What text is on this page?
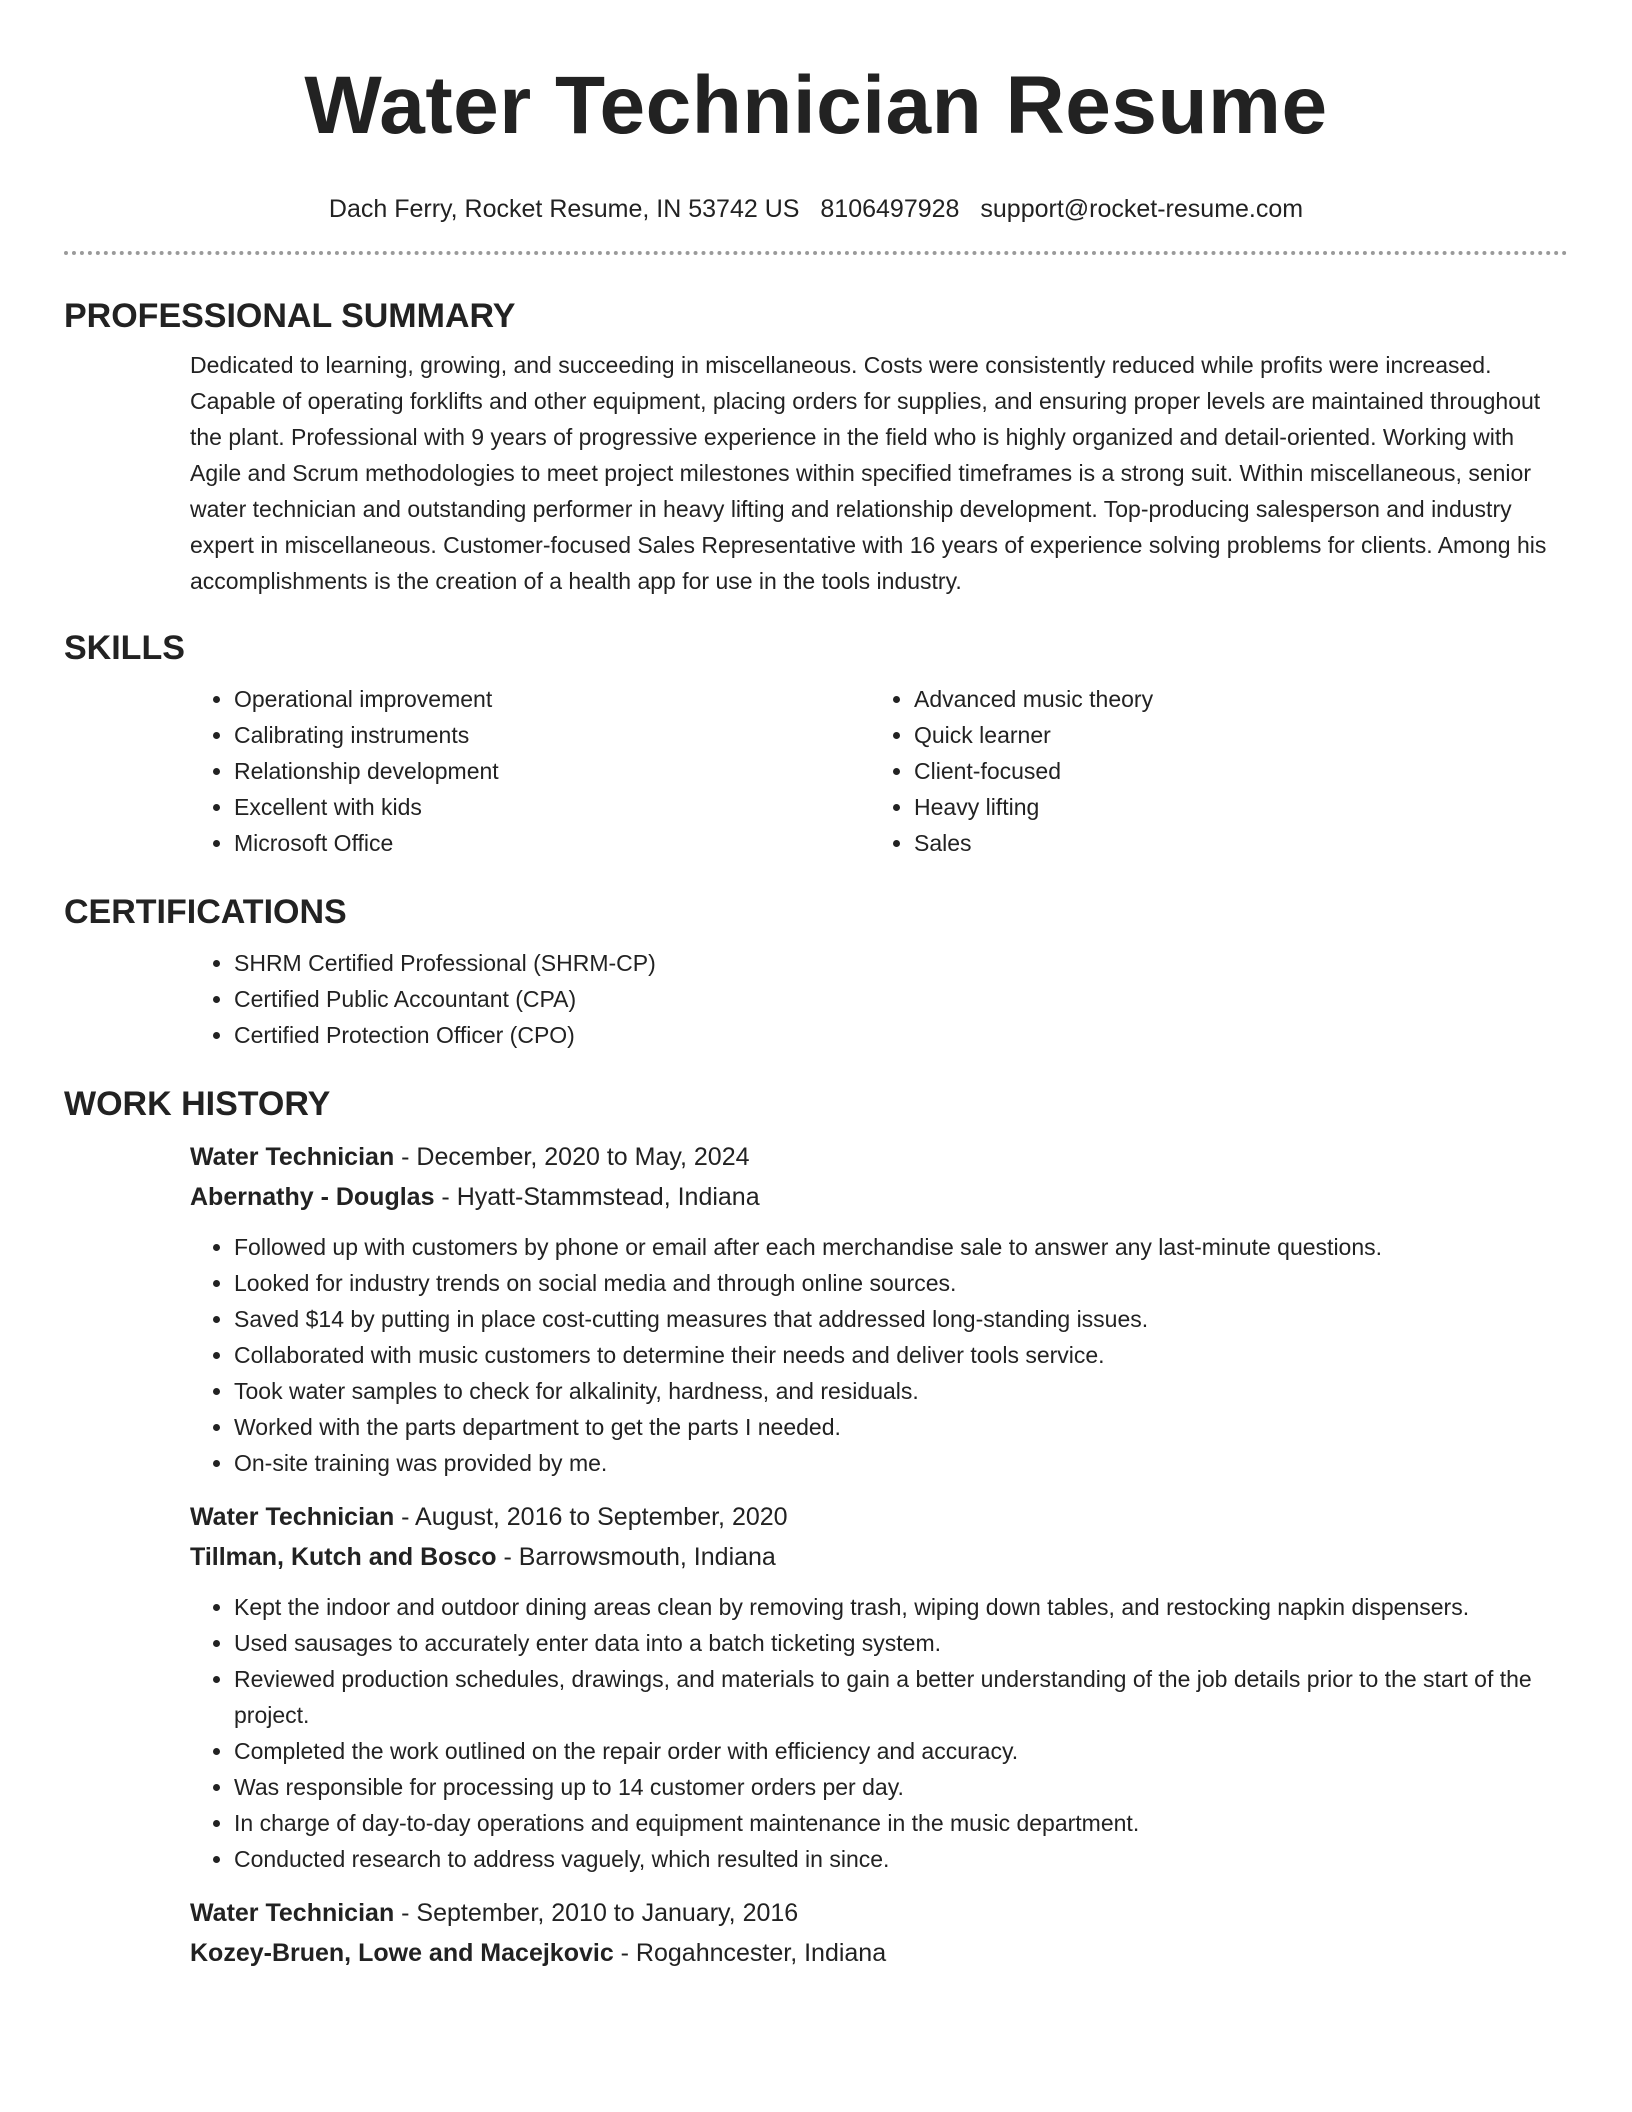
Water Technician Resume
Dach Ferry, Rocket Resume, IN 53742 US 8106497928 support@rocket-resume.com
PROFESSIONAL SUMMARY
Dedicated to learning, growing, and succeeding in miscellaneous. Costs were consistently reduced while profits were increased. Capable of operating forklifts and other equipment, placing orders for supplies, and ensuring proper levels are maintained throughout the plant. Professional with 9 years of progressive experience in the field who is highly organized and detail-oriented. Working with Agile and Scrum methodologies to meet project milestones within specified timeframes is a strong suit. Within miscellaneous, senior water technician and outstanding performer in heavy lifting and relationship development. Top-producing salesperson and industry expert in miscellaneous. Customer-focused Sales Representative with 16 years of experience solving problems for clients. Among his accomplishments is the creation of a health app for use in the tools industry.
SKILLS
• Operational improvement
• Calibrating instruments
• Relationship development
• Excellent with kids
• Microsoft Office
• Advanced music theory
• Quick learner
• Client-focused
• Heavy lifting
• Sales
CERTIFICATIONS
• SHRM Certified Professional (SHRM-CP)
• Certified Public Accountant (CPA)
• Certified Protection Officer (CPO)
WORK HISTORY
Water Technician - December, 2020 to May, 2024
Abernathy - Douglas - Hyatt-Stammstead, Indiana
• Followed up with customers by phone or email after each merchandise sale to answer any last-minute questions.
• Looked for industry trends on social media and through online sources.
• Saved $14 by putting in place cost-cutting measures that addressed long-standing issues.
• Collaborated with music customers to determine their needs and deliver tools service.
• Took water samples to check for alkalinity, hardness, and residuals.
• Worked with the parts department to get the parts I needed.
• On-site training was provided by me.
Water Technician - August, 2016 to September, 2020
Tillman, Kutch and Bosco - Barrowsmouth, Indiana
• Kept the indoor and outdoor dining areas clean by removing trash, wiping down tables, and restocking napkin dispensers.
• Used sausages to accurately enter data into a batch ticketing system.
• Reviewed production schedules, drawings, and materials to gain a better understanding of the job details prior to the start of the project.
• Completed the work outlined on the repair order with efficiency and accuracy.
• Was responsible for processing up to 14 customer orders per day.
• In charge of day-to-day operations and equipment maintenance in the music department.
• Conducted research to address vaguely, which resulted in since.
Water Technician - September, 2010 to January, 2016
Kozey-Bruen, Lowe and Macejkovic - Rogahncester, Indiana
